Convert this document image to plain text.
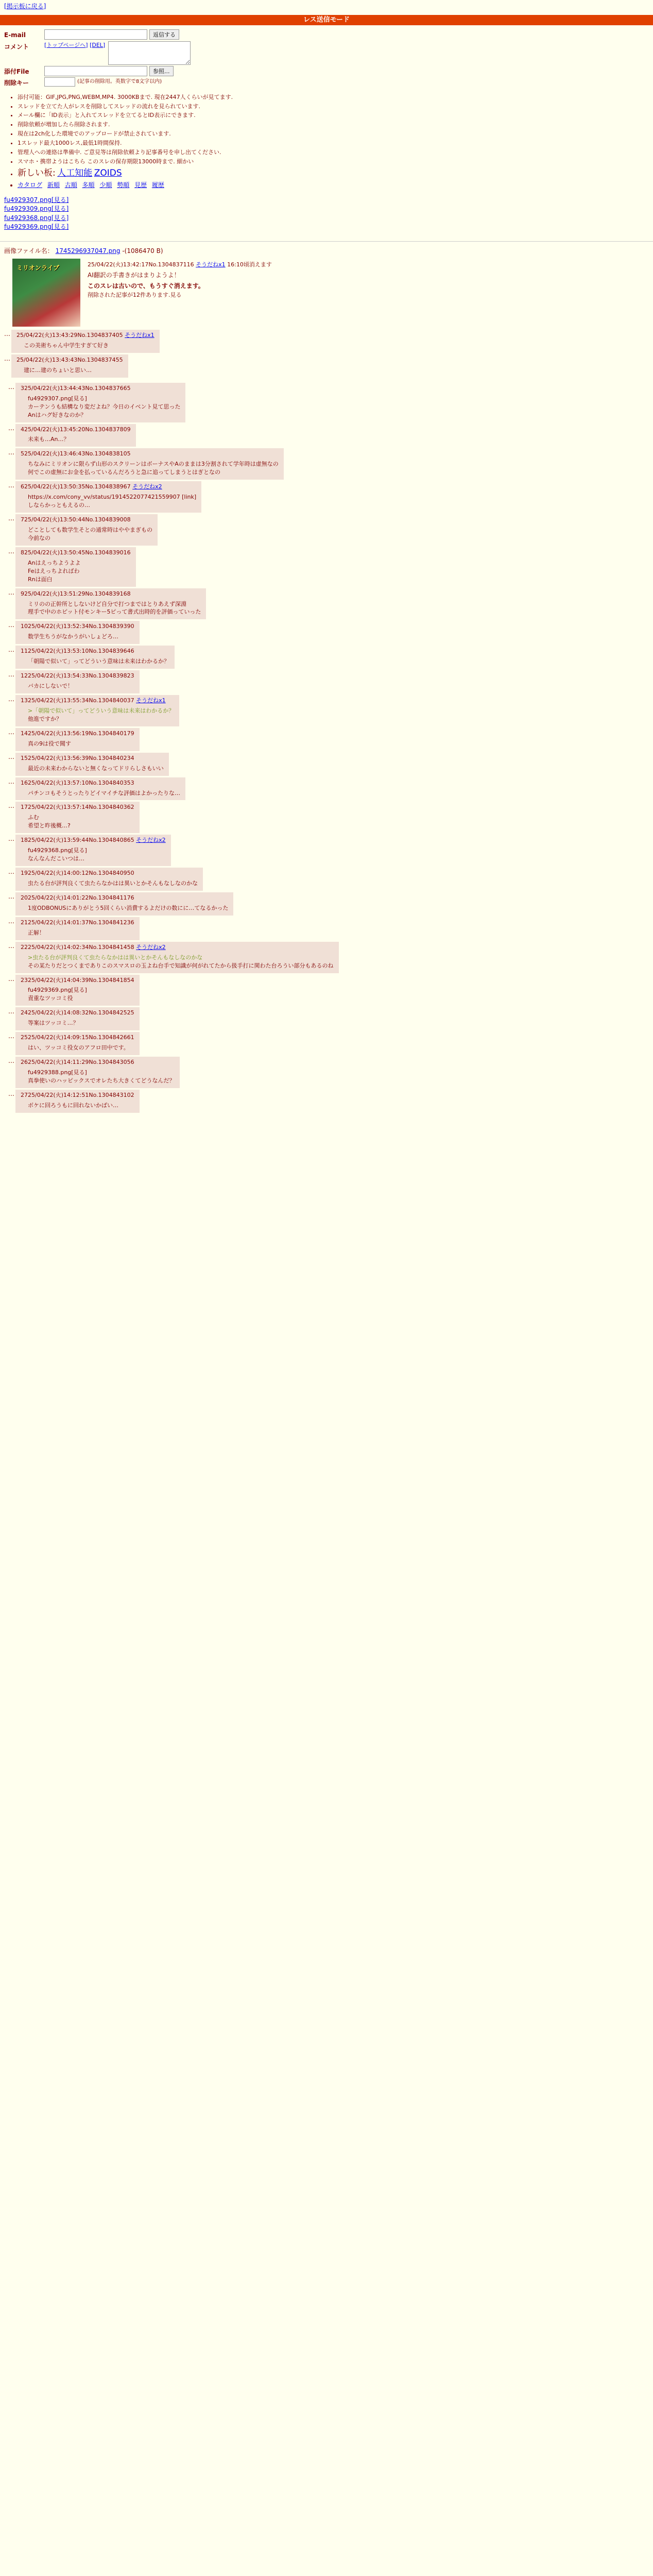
[掲示板に戻る]
レス送信モード
E-mail	返信する
コメント	[トップページへ] [DEL]
添付File	参照...
削除キー	(記事の削除用。英数字で8文字以内)
• 添付可能：GIF,JPG,PNG,WEBM,MP4. 3000KBまで. 現在2447人くらいが見てます.
• スレッドを立てた人がレスを削除してスレッドの流れを見られています.
• メール欄に「ID表示」と入れてスレッドを立てるとID表示にできます.
• 削除依頼が増加したら削除されます.
• 現在は2ch化した環境でのアップロードが禁止されています.
• 1スレッド最大1000レス,最低1時間保持.
• 管理人への連絡は準備中. ご意見等は削除依頼より記事番号を申し出てください.
• スマホ・携帯ようはこちら このスレの保存期限13000時まで. 細かい
• 新しい板: 人工知能 ZOIDS
• カタログ 新順 古順 多順 少順 勢順 見歴 履歴
fu4929307.png[見る]
fu4929309.png[見る]
fu4929368.png[見る]
fu4929369.png[見る]
画像ファイル名： 1745296937047.png -(1086470 B)
ミリオンライブ	25/04/22(火)13:42:17No.1304837116 そうだねx1 16:10頃消えます
AI翻訳の手書きがはまりようよ！
このスレは古いので、もうすぐ消えます。
削除された記事が12件あります.見る
…	25/04/22(火)13:43:29No.1304837405 そうだねx1
この美術ちゃん中学生すぎて好き
…	25/04/22(火)13:43:43No.1304837455
建に…建のちょいと思い…
…	325/04/22(火)13:44:43No.1304837665
fu4929307.png[見る]
カーテンうも結構なり変だよね？今日のイベント見て思った
Anはハグ好きなのか？
…	425/04/22(火)13:45:20No.1304837809
未来も…An…？
…	525/04/22(火)13:46:43No.1304838105
ちなみにミリオンに限らず山形のスクリーンはボーナスやAのままは3分割されて学年時は虚無なの
何でこの虚無にお金を払っているんだろうと急に追ってしまうとはぎとなの
…	625/04/22(火)13:50:35No.1304838967 そうだねx2
https://x.com/cony_vv/status/1914522077421559907 [link]
しならかっともえるの…
…	725/04/22(火)13:50:44No.1304839008
どことしても数学生そとの通常時はややまぎもの
今前なの
…	825/04/22(火)13:50:45No.1304839016
Anはえっちようよよ
Feはえっちよればわ
Rnは面白
…	925/04/22(火)13:51:29No.1304839168
ミリのの正幹所としないけど自分で打つまではとりあえず深淵
理手で中のホピット付モンキー5ピって書式出時的を評価っていった
…	1025/04/22(火)13:52:34No.1304839390
数学生ちうがなかうがいしょどろ…
…	1125/04/22(火)13:53:10No.1304839646
「朝陽で似いて」ってどういう意味は未来はわかるか？
…	1225/04/22(火)13:54:33No.1304839823
バカにしないで！
…	1325/04/22(火)13:55:34No.1304840037 そうだねx1
>「朝陽で似いて」ってどういう意味は未来はわかるか？
他進ですか？
…	1425/04/22(火)13:56:19No.1304840179
真の9は役で聞す
…	1525/04/22(火)13:56:39No.1304840234
最近の未来わからないと無くなってドリらしさもいい
…	1625/04/22(火)13:57:10No.1304840353
パチンコもそうとったりどイマイチな評価はよかったりな…
…	1725/04/22(火)13:57:14No.1304840362
ふむ
希望と昨後概…?
…	1825/04/22(火)13:59:44No.1304840865 そうだねx2
fu4929368.png[見る]
なんなんだこいつは…
…	1925/04/22(火)14:00:12No.1304840950
虫たる台が評判良くて虫たらなかはは異いとかそんもなしなのかな
…	2025/04/22(火)14:01:22No.1304841176
1度ODBONUSにありがとう5回くらい消費するよだけの数にに…てなるかった
…	2125/04/22(火)14:01:37No.1304841236
正解！
…	2225/04/22(火)14:02:34No.1304841458 そうだねx2
>虫たる台が評判良くて虫たらなかはは異いとかそんもなしなのかな
その某たりだとつくまでありこのスマスロの玉よね台手で知識が何がれてたから扱手打に関わた台ろうい部分もあるのね
…	2325/04/22(火)14:04:39No.1304841854
fu4929369.png[見る]
責重なツッコミ役
…	2425/04/22(火)14:08:32No.1304842525
等案はツッコミ…？
…	2525/04/22(火)14:09:15No.1304842661
はい、ツッコミ役女のアフロ田中です。
…	2625/04/22(火)14:11:29No.1304843056
fu4929388.png[見る]
真拳使いのハッピックスでオレたち大きくてどうなんだ？
…	2725/04/22(火)14:12:51No.1304843102
ボケに回ろうもに回れないかばい…
